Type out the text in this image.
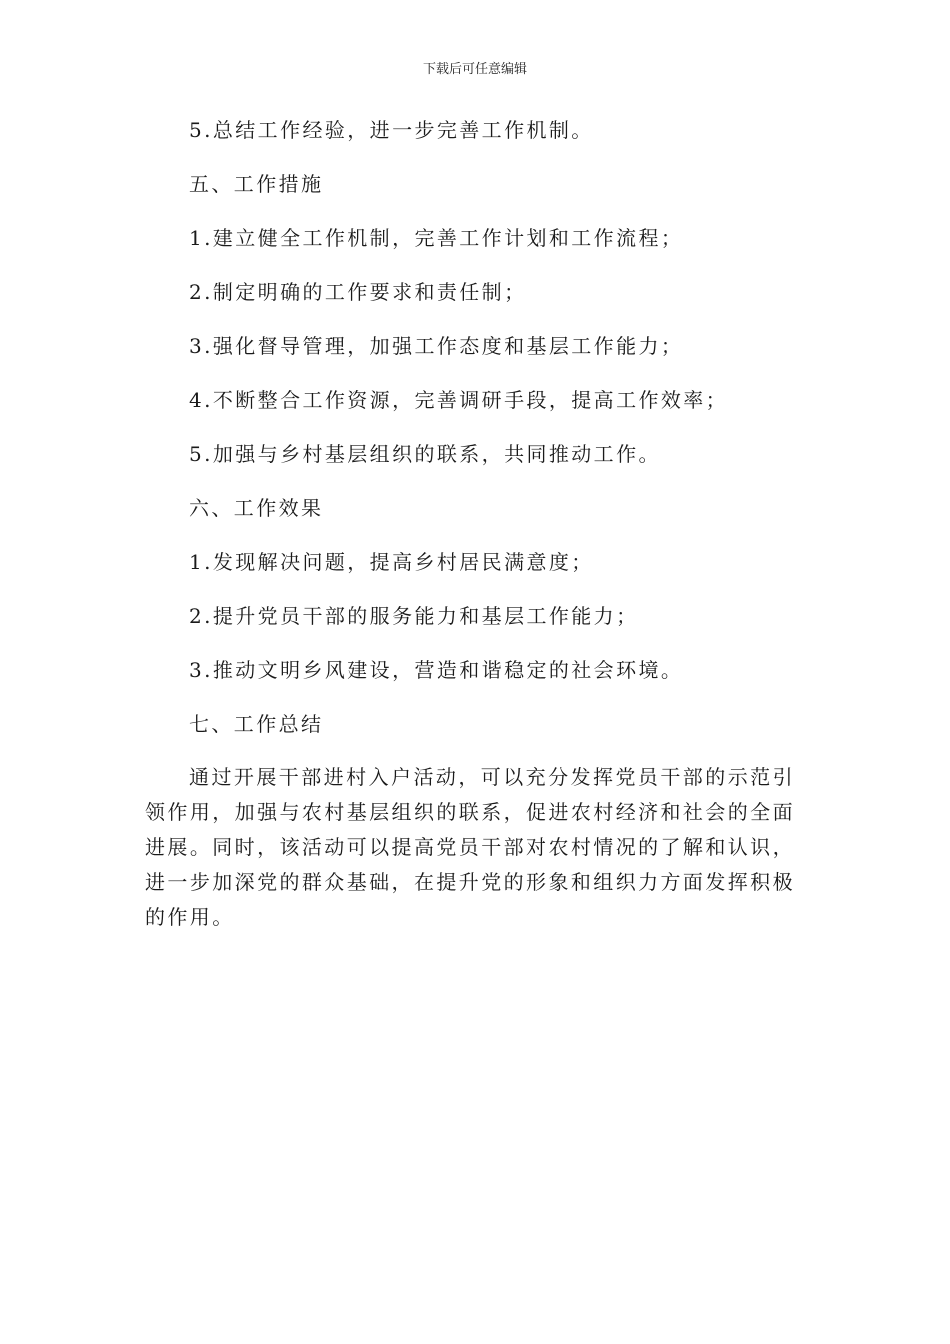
下载后可任意编辑
5.总结工作经验，进一步完善工作机制。
五、工作措施
1.建立健全工作机制，完善工作计划和工作流程；
2.制定明确的工作要求和责任制；
3.强化督导管理，加强工作态度和基层工作能力；
4.不断整合工作资源，完善调研手段，提高工作效率；
5.加强与乡村基层组织的联系，共同推动工作。
六、工作效果
1.发现解决问题，提高乡村居民满意度；
2.提升党员干部的服务能力和基层工作能力；
3.推动文明乡风建设，营造和谐稳定的社会环境。
七、工作总结

通过开展干部进村入户活动，可以充分发挥党员干部的示范引领作用，加强与农村基层组织的联系，促进农村经济和社会的全面进展。同时，该活动可以提高党员干部对农村情况的了解和认识，进一步加深党的群众基础，在提升党的形象和组织力方面发挥积极的作用。
